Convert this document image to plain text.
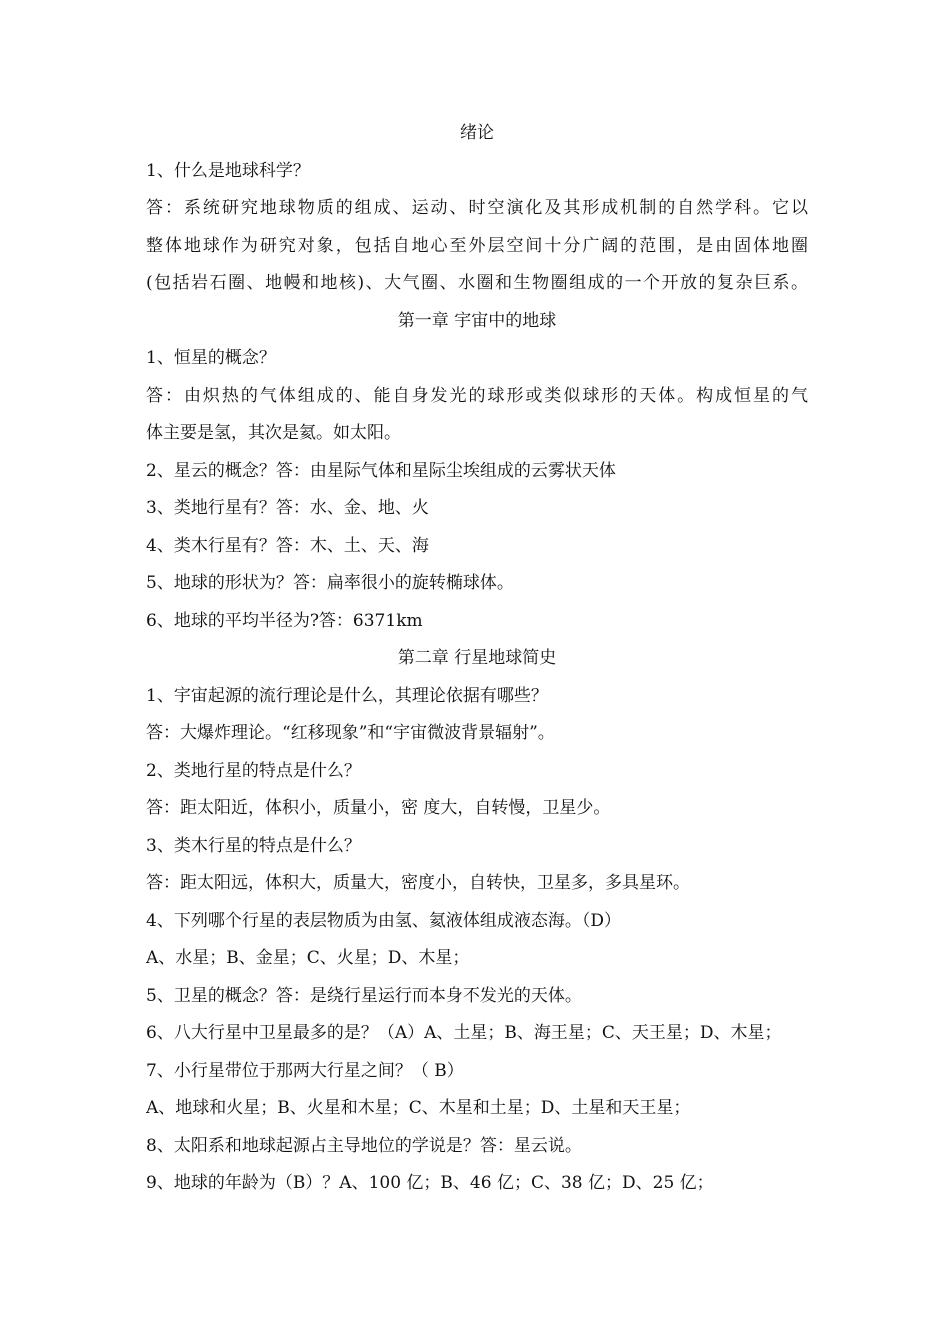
绪论
1、什么是地球科学？
答：系统研究地球物质的组成、运动、时空演化及其形成机制的自然学科。它以
整体地球作为研究对象，包括自地心至外层空间十分广阔的范围，是由固体地圈
(包括岩石圈、地幔和地核)、大气圈、水圈和生物圈组成的一个开放的复杂巨系。
第一章 宇宙中的地球
1、恒星的概念？
答：由炽热的气体组成的、能自身发光的球形或类似球形的天体。构成恒星的气
体主要是氢，其次是氦。如太阳。
2、星云的概念？答：由星际气体和星际尘埃组成的云雾状天体
3、类地行星有？答：水、金、地、火
4、类木行星有？答：木、土、天、海
5、地球的形状为？答：扁率很小的旋转椭球体。
6、地球的平均半径为?答：6371km
第二章 行星地球简史
1、宇宙起源的流行理论是什么，其理论依据有哪些？
答：大爆炸理论。“红移现象”和“宇宙微波背景辐射”。
2、类地行星的特点是什么？
答：距太阳近，体积小，质量小，密 度大，自转慢，卫星少。
3、类木行星的特点是什么？
答：距太阳远，体积大，质量大，密度小，自转快，卫星多，多具星环。
4、下列哪个行星的表层物质为由氢、氦液体组成液态海。（D）
A、水星；B、金星；C、火星；D、木星；
5、卫星的概念？答：是绕行星运行而本身不发光的天体。
6、八大行星中卫星最多的是？（A）A、土星；B、海王星；C、天王星；D、木星；
7、小行星带位于那两大行星之间？（ B）
A、地球和火星；B、火星和木星；C、木星和土星；D、土星和天王星；
8、太阳系和地球起源占主导地位的学说是？答：星云说。
9、地球的年龄为（B）？A、100 亿；B、46 亿；C、38 亿；D、25 亿；
